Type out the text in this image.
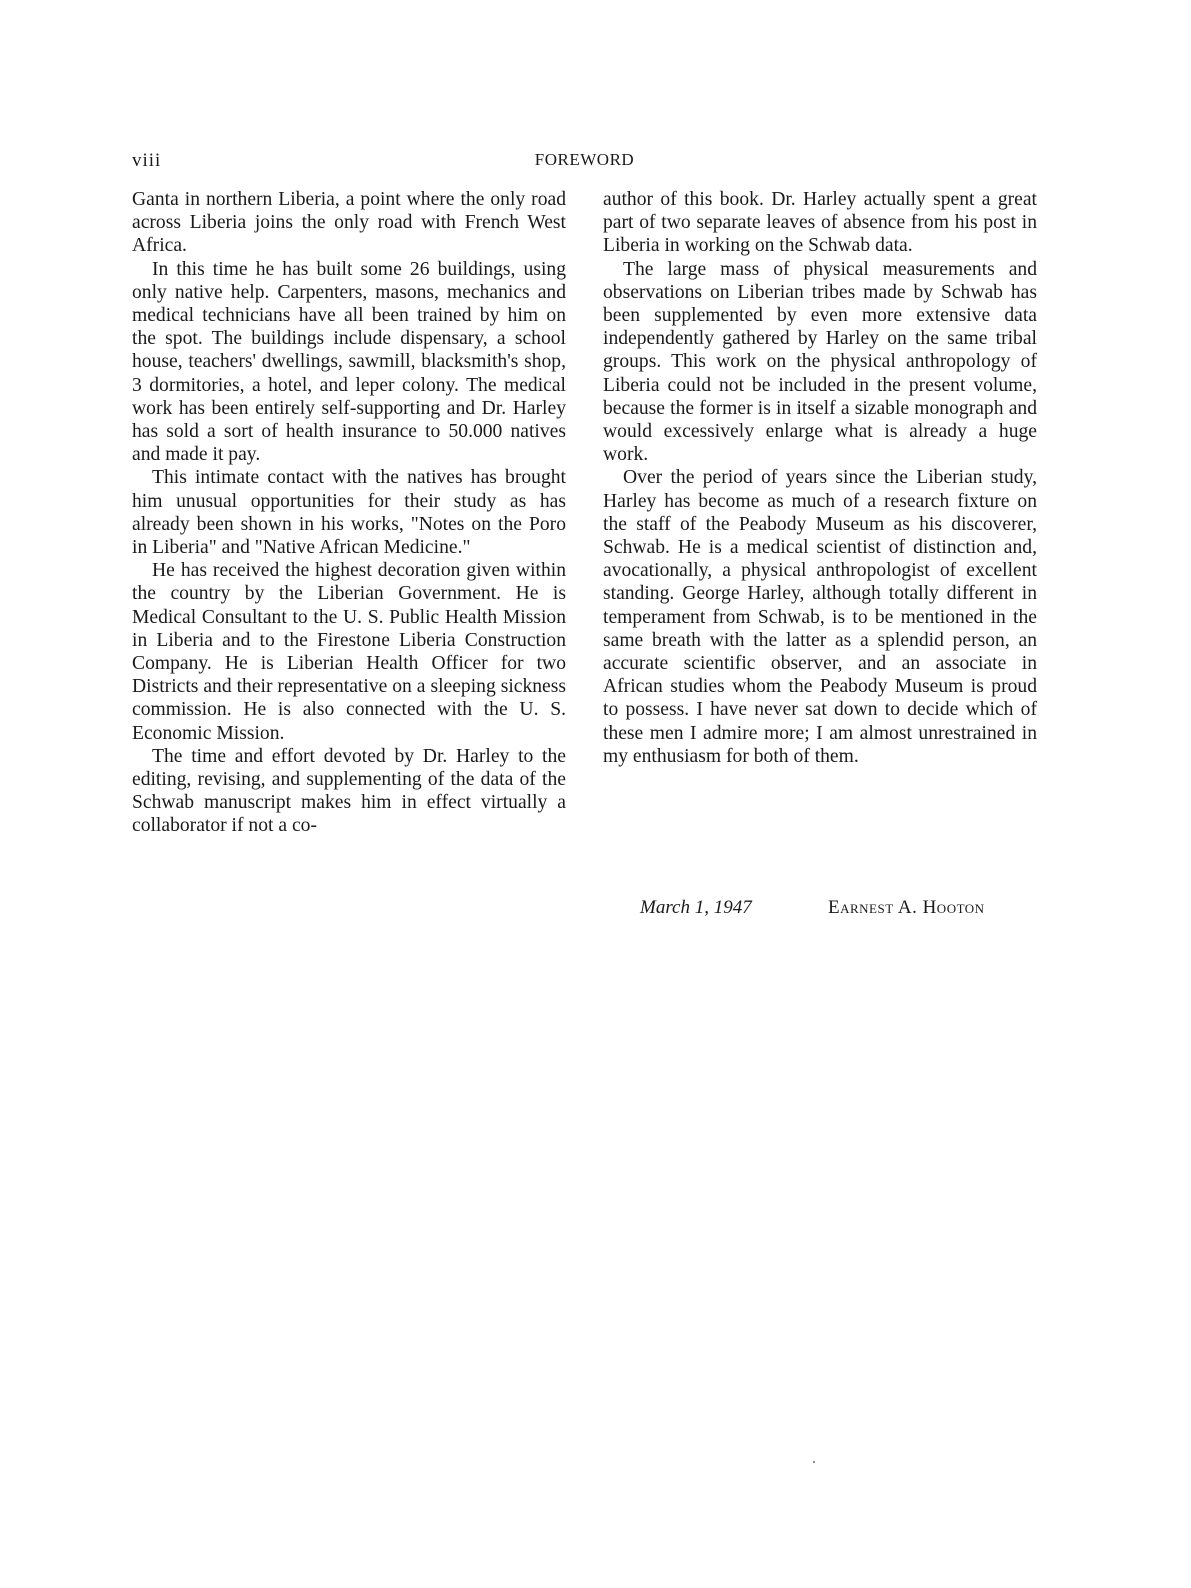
viii	FOREWORD

Ganta in northern Liberia, a point where the only road across Liberia joins the only road with French West Africa.

In this time he has built some 26 buildings, using only native help. Carpenters, masons, mechanics and medical technicians have all been trained by him on the spot. The buildings include dispensary, a school house, teachers' dwellings, sawmill, blacksmith's shop, 3 dormitories, a hotel, and leper colony. The medical work has been entirely self-supporting and Dr. Harley has sold a sort of health insurance to 50.000 natives and made it pay.

This intimate contact with the natives has brought him unusual opportunities for their study as has already been shown in his works, "Notes on the Poro in Liberia" and "Native African Medicine."

He has received the highest decoration given within the country by the Liberian Government. He is Medical Consultant to the U. S. Public Health Mission in Liberia and to the Firestone Liberia Construction Company. He is Liberian Health Officer for two Districts and their representative on a sleeping sickness commission. He is also connected with the U. S. Economic Mission.

The time and effort devoted by Dr. Harley to the editing, revising, and supplementing of the data of the Schwab manuscript makes him in effect virtually a collaborator if not a co-

author of this book. Dr. Harley actually spent a great part of two separate leaves of absence from his post in Liberia in working on the Schwab data.

The large mass of physical measurements and observations on Liberian tribes made by Schwab has been supplemented by even more extensive data independently gathered by Harley on the same tribal groups. This work on the physical anthropology of Liberia could not be included in the present volume, because the former is in itself a sizable monograph and would excessively enlarge what is already a huge work.

Over the period of years since the Liberian study, Harley has become as much of a research fixture on the staff of the Peabody Museum as his discoverer, Schwab. He is a medical scientist of distinction and, avocationally, a physical anthropologist of excellent standing. George Harley, although totally different in temperament from Schwab, is to be mentioned in the same breath with the latter as a splendid person, an accurate scientific observer, and an associate in African studies whom the Peabody Museum is proud to possess. I have never sat down to decide which of these men I admire more; I am almost unrestrained in my enthusiasm for both of them.

March 1, 1947	Earnest A. Hooton
